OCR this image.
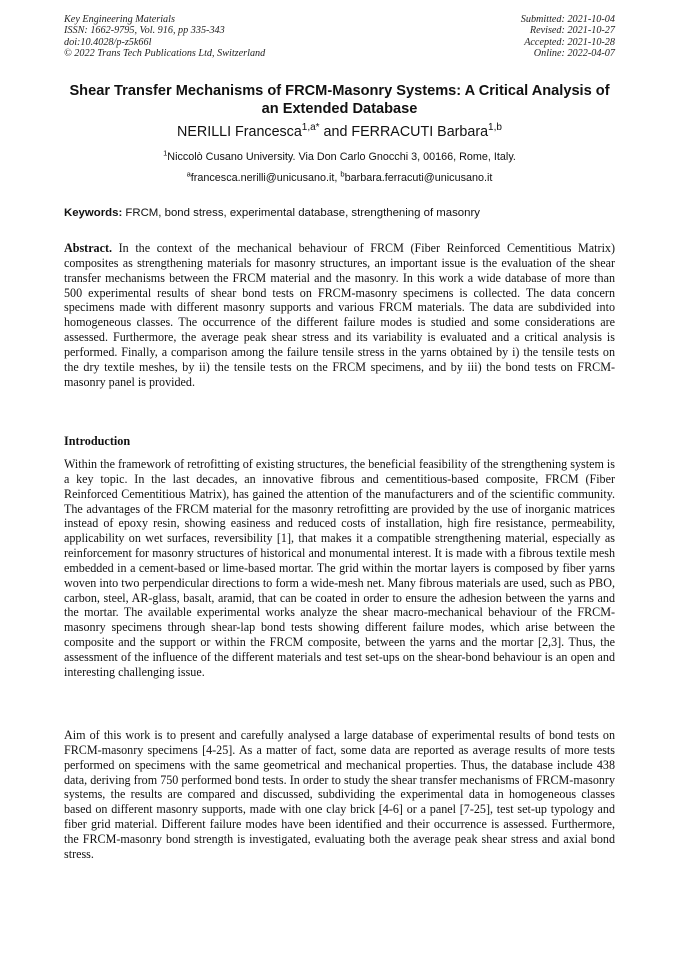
Key Engineering Materials
ISSN: 1662-9795, Vol. 916, pp 335-343
doi:10.4028/p-z5k66l
© 2022 Trans Tech Publications Ltd, Switzerland
Submitted: 2021-10-04
Revised: 2021-10-27
Accepted: 2021-10-28
Online: 2022-04-07
Shear Transfer Mechanisms of FRCM-Masonry Systems: A Critical Analysis of an Extended Database
NERILLI Francesca$^{1,a*}$ and FERRACUTI Barbara$^{1,b}$
$^1$Niccolò Cusano University. Via Don Carlo Gnocchi 3, 00166, Rome, Italy.
$^a$francesca.nerilli@unicusano.it, $^b$barbara.ferracuti@unicusano.it
Keywords: FRCM, bond stress, experimental database, strengthening of masonry
Abstract. In the context of the mechanical behaviour of FRCM (Fiber Reinforced Cementitious Matrix) composites as strengthening materials for masonry structures, an important issue is the evaluation of the shear transfer mechanisms between the FRCM material and the masonry. In this work a wide database of more than 500 experimental results of shear bond tests on FRCM-masonry specimens is collected. The data concern specimens made with different masonry supports and various FRCM materials. The data are subdivided into homogeneous classes. The occurrence of the different failure modes is studied and some considerations are assessed. Furthermore, the average peak shear stress and its variability is evaluated and a critical analysis is performed. Finally, a comparison among the failure tensile stress in the yarns obtained by i) the tensile tests on the dry textile meshes, by ii) the tensile tests on the FRCM specimens, and by iii) the bond tests on FRCM-masonry panel is provided.
Introduction
Within the framework of retrofitting of existing structures, the beneficial feasibility of the strengthening system is a key topic. In the last decades, an innovative fibrous and cementitious-based composite, FRCM (Fiber Reinforced Cementitious Matrix), has gained the attention of the manufacturers and of the scientific community. The advantages of the FRCM material for the masonry retrofitting are provided by the use of inorganic matrices instead of epoxy resin, showing easiness and reduced costs of installation, high fire resistance, permeability, applicability on wet surfaces, reversibility [1], that makes it a compatible strengthening material, especially as reinforcement for masonry structures of historical and monumental interest. It is made with a fibrous textile mesh embedded in a cement-based or lime-based mortar. The grid within the mortar layers is composed by fiber yarns woven into two perpendicular directions to form a wide-mesh net. Many fibrous materials are used, such as PBO, carbon, steel, AR-glass, basalt, aramid, that can be coated in order to ensure the adhesion between the yarns and the mortar. The available experimental works analyze the shear macro-mechanical behaviour of the FRCM-masonry specimens through shear-lap bond tests showing different failure modes, which arise between the composite and the support or within the FRCM composite, between the yarns and the mortar [2,3]. Thus, the assessment of the influence of the different materials and test set-ups on the shear-bond behaviour is an open and interesting challenging issue.
Aim of this work is to present and carefully analysed a large database of experimental results of bond tests on FRCM-masonry specimens [4-25]. As a matter of fact, some data are reported as average results of more tests performed on specimens with the same geometrical and mechanical properties. Thus, the database include 438 data, deriving from 750 performed bond tests. In order to study the shear transfer mechanisms of FRCM-masonry systems, the results are compared and discussed, subdividing the experimental data in homogeneous classes based on different masonry supports, made with one clay brick [4-6] or a panel [7-25], test set-up typology and fiber grid material. Different failure modes have been identified and their occurrence is assessed. Furthermore, the FRCM-masonry bond strength is investigated, evaluating both the average peak shear stress and axial bond stress.
